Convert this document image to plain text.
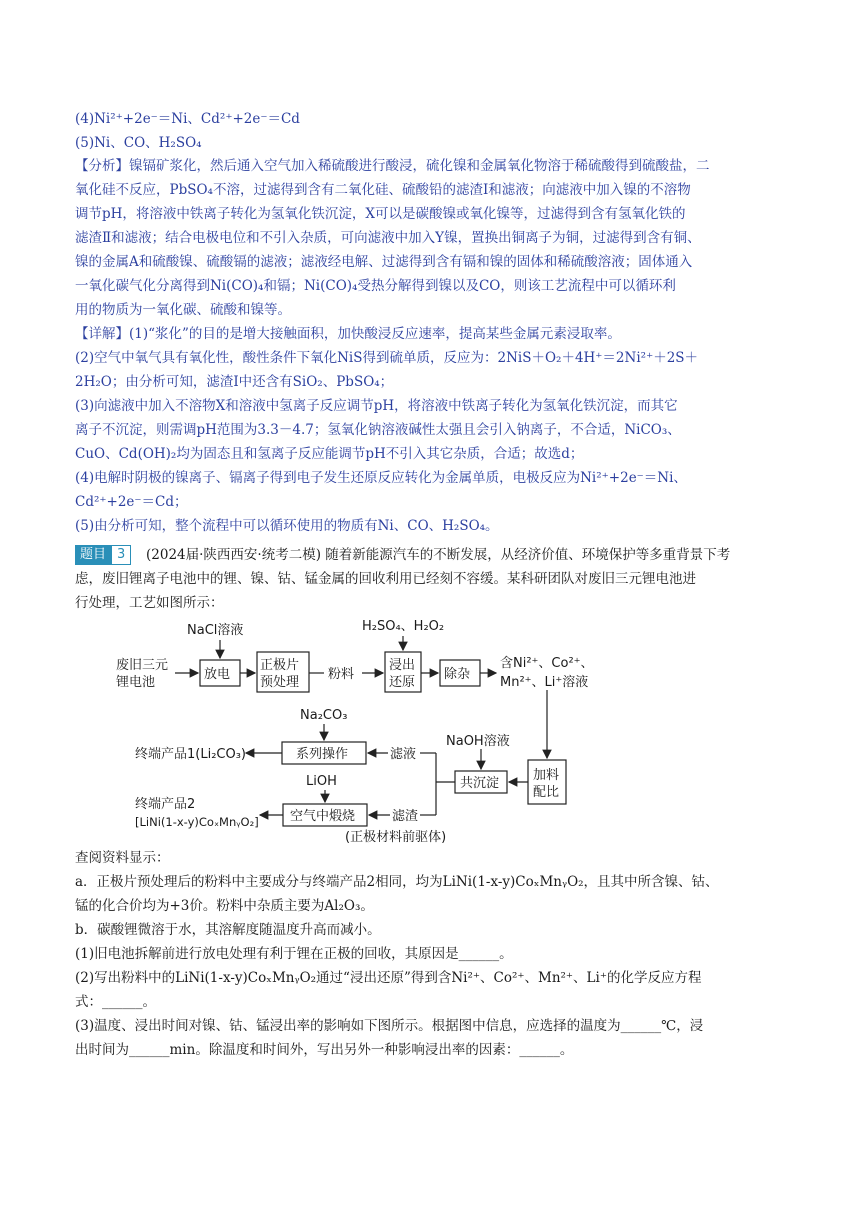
(4)Ni²⁺+2e⁻＝Ni、Cd²⁺+2e⁻＝Cd
(5)Ni、CO、H₂SO₄
【分析】镍镉矿浆化，然后通入空气加入稀硫酸进行酸浸，硫化镍和金属氧化物溶于稀硫酸得到硫酸盐，二
氧化硅不反应，PbSO₄不溶，过滤得到含有二氧化硅、硫酸铅的滤渣Ⅰ和滤液；向滤液中加入镍的不溶物
调节pH，将溶液中铁离子转化为氢氧化铁沉淀，X可以是碳酸镍或氧化镍等，过滤得到含有氢氧化铁的
滤渣Ⅱ和滤液；结合电极电位和不引入杂质，可向滤液中加入Y镍，置换出铜离子为铜，过滤得到含有铜、
镍的金属A和硫酸镍、硫酸镉的滤液；滤液经电解、过滤得到含有镉和镍的固体和稀硫酸溶液；固体通入
一氧化碳气化分离得到Ni(CO)₄和镉；Ni(CO)₄受热分解得到镍以及CO，则该工艺流程中可以循环利
用的物质为一氧化碳、硫酸和镍等。
【详解】(1)“浆化”的目的是增大接触面积，加快酸浸反应速率，提高某些金属元素浸取率。
(2)空气中氧气具有氧化性，酸性条件下氧化NiS得到硫单质，反应为：2NiS＋O₂＋4H⁺＝2Ni²⁺＋2S＋
2H₂O；由分析可知，滤渣Ⅰ中还含有SiO₂、PbSO₄；
(3)向滤液中加入不溶物X和溶液中氢离子反应调节pH，将溶液中铁离子转化为氢氧化铁沉淀，而其它
离子不沉淀，则需调pH范围为3.3－4.7；氢氧化钠溶液碱性太强且会引入钠离子，不合适，NiCO₃、
CuO、Cd(OH)₂均为固态且和氢离子反应能调节pH不引入其它杂质，合适；故选d；
(4)电解时阴极的镍离子、镉离子得到电子发生还原反应转化为金属单质，电极反应为Ni²⁺+2e⁻＝Ni、
Cd²⁺+2e⁻＝Cd；
(5)由分析可知，整个流程中可以循环使用的物质有Ni、CO、H₂SO₄。
题目 3	(2024届·陕西西安·统考二模) 随着新能源汽车的不断发展，从经济价值、环境保护等多重背景下考
虑，废旧锂离子电池中的锂、镍、钴、锰金属的回收利用已经刻不容缓。某科研团队对废旧三元锂电池进
行处理，工艺如图所示：
废旧三元
锂电池
NaCl溶液
放电
正极片
预处理
粉料
H₂SO₄、H₂O₂
浸出
还原
除杂
含Ni²⁺、Co²⁺、
Mn²⁺、Li⁺溶液
Na₂CO₃
终端产品1(Li₂CO₃)	系列操作	滤液
NaOH溶液
共沉淀
加料
配比
LiOH
终端产品2
[LiNi(1-x-y)CoₓMnᵧO₂] 空气中煅烧	滤渣
(正极材料前驱体)
查阅资料显示：
a．正极片预处理后的粉料中主要成分与终端产品2相同，均为LiNi(1-x-y)CoₓMnᵧO₂，且其中所含镍、钴、
锰的化合价均为+3价。粉料中杂质主要为Al₂O₃。
b．碳酸锂微溶于水，其溶解度随温度升高而减小。
(1)旧电池拆解前进行放电处理有利于锂在正极的回收，其原因是______。
(2)写出粉料中的LiNi(1-x-y)CoₓMnᵧO₂通过“浸出还原”得到含Ni²⁺、Co²⁺、Mn²⁺、Li⁺的化学反应方程
式：______。
(3)温度、浸出时间对镍、钴、锰浸出率的影响如下图所示。根据图中信息，应选择的温度为______℃，浸
出时间为______min。除温度和时间外，写出另外一种影响浸出率的因素：______。
